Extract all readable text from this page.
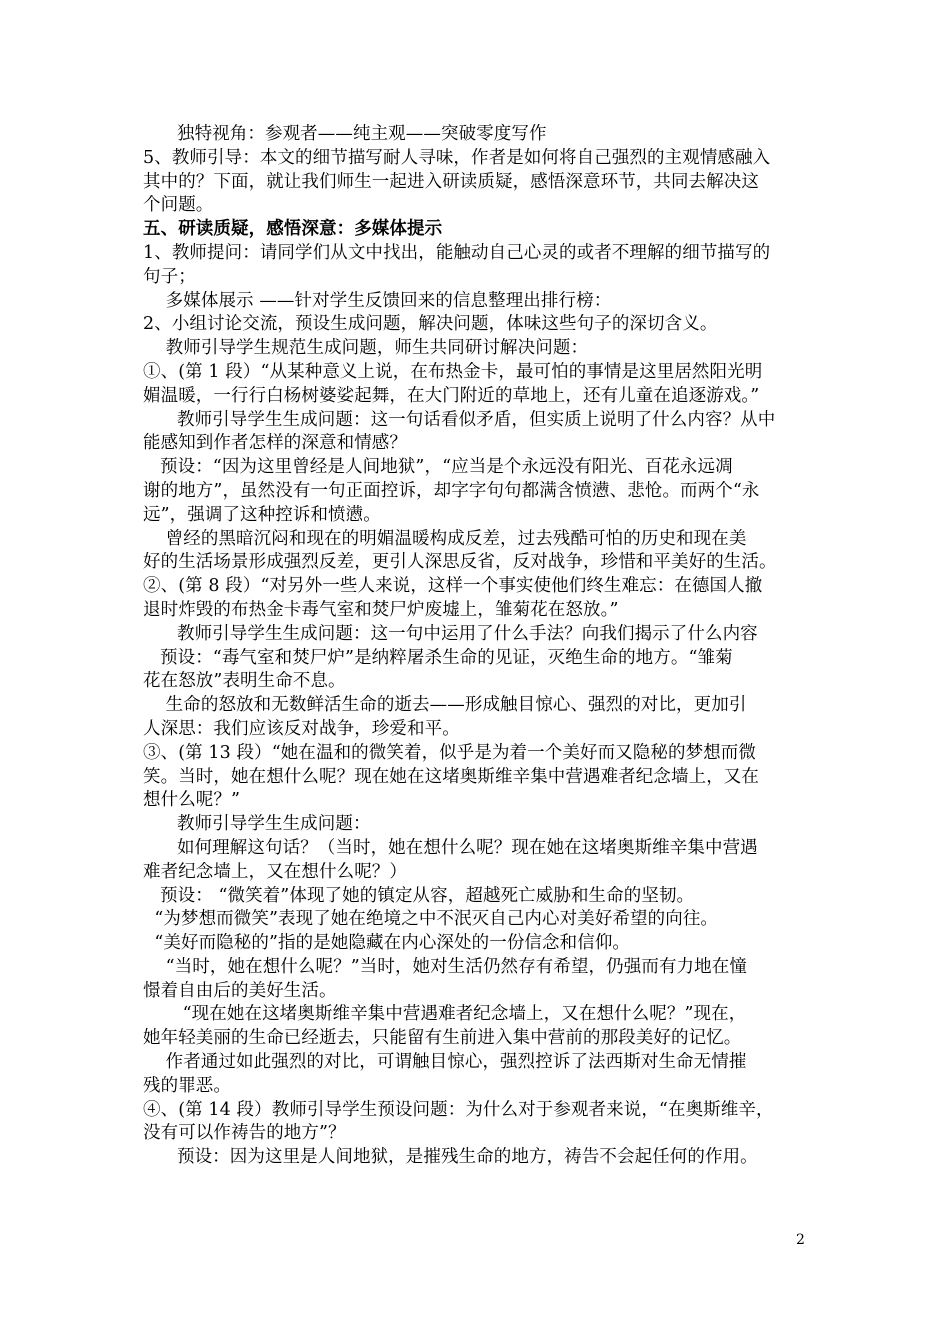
独特视角：参观者——纯主观——突破零度写作
5、教师引导：本文的细节描写耐人寻味，作者是如何将自己强烈的主观情感融入
其中的？下面，就让我们师生一起进入研读质疑，感悟深意环节，共同去解决这
个问题。
五、研读质疑，感悟深意：多媒体提示
1、教师提问：请同学们从文中找出，能触动自己心灵的或者不理解的细节描写的
句子；
多媒体展示 ——针对学生反馈回来的信息整理出排行榜：
2、小组讨论交流，预设生成问题，解决问题，体味这些句子的深切含义。
教师引导学生规范生成问题，师生共同研讨解决问题：
①、(第 1 段）“从某种意义上说，在布热金卡，最可怕的事情是这里居然阳光明
媚温暖，一行行白杨树婆娑起舞，在大门附近的草地上，还有儿童在追逐游戏。”
教师引导学生生成问题：这一句话看似矛盾，但实质上说明了什么内容？从中
能感知到作者怎样的深意和情感？
预设：“因为这里曾经是人间地狱”，“应当是个永远没有阳光、百花永远凋
谢的地方”，虽然没有一句正面控诉，却字字句句都满含愤懑、悲怆。而两个“永
远”，强调了这种控诉和愤懑。
曾经的黑暗沉闷和现在的明媚温暖构成反差，过去残酷可怕的历史和现在美
好的生活场景形成强烈反差，更引人深思反省，反对战争，珍惜和平美好的生活。
②、(第 8 段）“对另外一些人来说，这样一个事实使他们终生难忘：在德国人撤
退时炸毁的布热金卡毒气室和焚尸炉废墟上，雏菊花在怒放。”
教师引导学生生成问题：这一句中运用了什么手法？向我们揭示了什么内容
预设：“毒气室和焚尸炉”是纳粹屠杀生命的见证，灭绝生命的地方。“雏菊
花在怒放”表明生命不息。
生命的怒放和无数鲜活生命的逝去——形成触目惊心、强烈的对比，更加引
人深思：我们应该反对战争，珍爱和平。
③、(第 13 段）“她在温和的微笑着，似乎是为着一个美好而又隐秘的梦想而微
笑。当时，她在想什么呢？现在她在这堵奥斯维辛集中营遇难者纪念墙上，又在
想什么呢？”
教师引导学生生成问题：
如何理解这句话？（当时，她在想什么呢？现在她在这堵奥斯维辛集中营遇
难者纪念墙上，又在想什么呢？）
预设： “微笑着”体现了她的镇定从容，超越死亡威胁和生命的坚韧。
“为梦想而微笑”表现了她在绝境之中不泯灭自己内心对美好希望的向往。
“美好而隐秘的”指的是她隐藏在内心深处的一份信念和信仰。
“当时，她在想什么呢？”当时，她对生活仍然存有希望，仍强而有力地在憧
憬着自由后的美好生活。
“现在她在这堵奥斯维辛集中营遇难者纪念墙上，又在想什么呢？”现在，
她年轻美丽的生命已经逝去，只能留有生前进入集中营前的那段美好的记忆。
作者通过如此强烈的对比，可谓触目惊心，强烈控诉了法西斯对生命无情摧
残的罪恶。
④、(第 14 段）教师引导学生预设问题：为什么对于参观者来说，“在奥斯维辛，
没有可以作祷告的地方”？
预设：因为这里是人间地狱，是摧残生命的地方，祷告不会起任何的作用。
2
